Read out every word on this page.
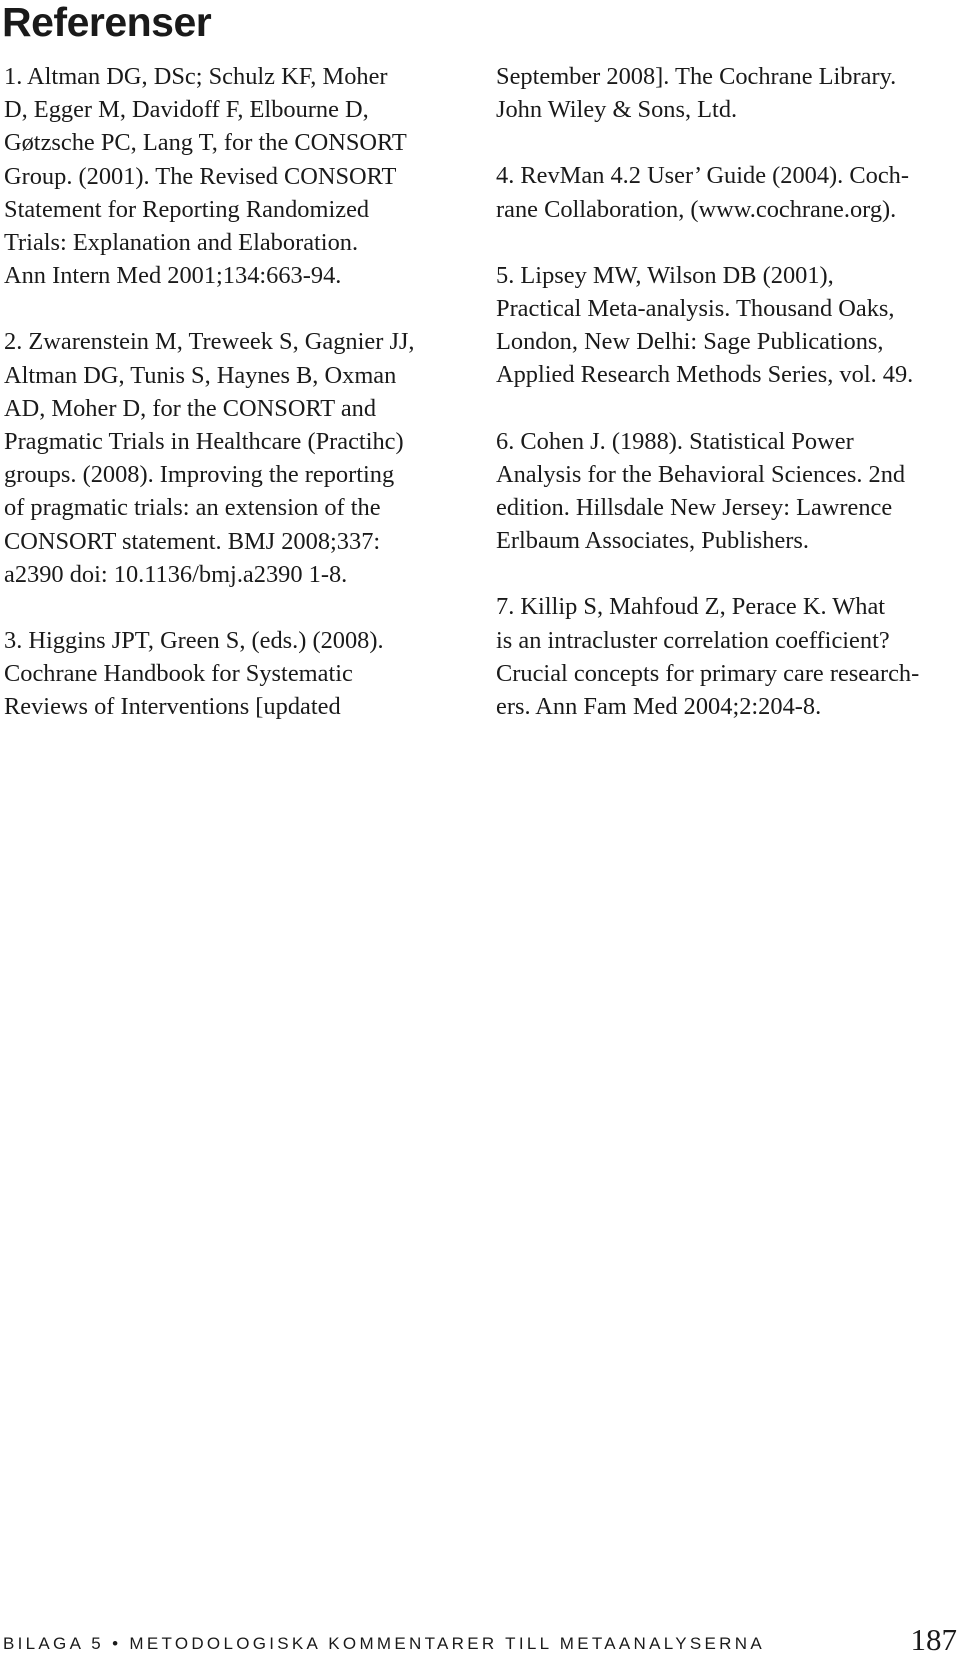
Referenser
1. Altman DG, DSc; Schulz KF, Moher
D, Egger M, Davidoff F, Elbourne D,
Gøtzsche PC, Lang T, for the CONSORT
Group. (2001). The Revised CONSORT
Statement for Reporting Randomized
Trials: Explanation and Elaboration.
Ann Intern Med 2001;134:663-94.
2. Zwarenstein M, Treweek S, Gagnier JJ,
Altman DG, Tunis S, Haynes B, Oxman
AD, Moher D, for the CONSORT and
Pragmatic Trials in Healthcare (Practihc)
groups. (2008). Improving the reporting
of pragmatic trials: an extension of the
CONSORT statement. BMJ 2008;337:
a2390 doi: 10.1136/bmj.a2390 1-8.
3. Higgins JPT, Green S, (eds.) (2008).
Cochrane Handbook for Systematic
Reviews of Interventions [updated
September 2008]. The Cochrane Library.
John Wiley & Sons, Ltd.
4. RevMan 4.2 User’ Guide (2004). Coch-
rane Collaboration, (www.cochrane.org).
5. Lipsey MW, Wilson DB (2001),
Practical Meta-analysis. Thousand Oaks,
London, New Delhi: Sage Publications,
Applied Research Methods Series, vol. 49.
6. Cohen J. (1988). Statistical Power
Analysis for the Behavioral Sciences. 2nd
edition. Hillsdale New Jersey: Lawrence
Erlbaum Associates, Publishers.
7. Killip S, Mahfoud Z, Perace K. What
is an intracluster correlation coefficient?
Crucial concepts for primary care research-
ers. Ann Fam Med 2004;2:204-8.
BILAGA 5 • METODOLOGISKA KOMMENTARER TILL METAANALYSERNA	187
